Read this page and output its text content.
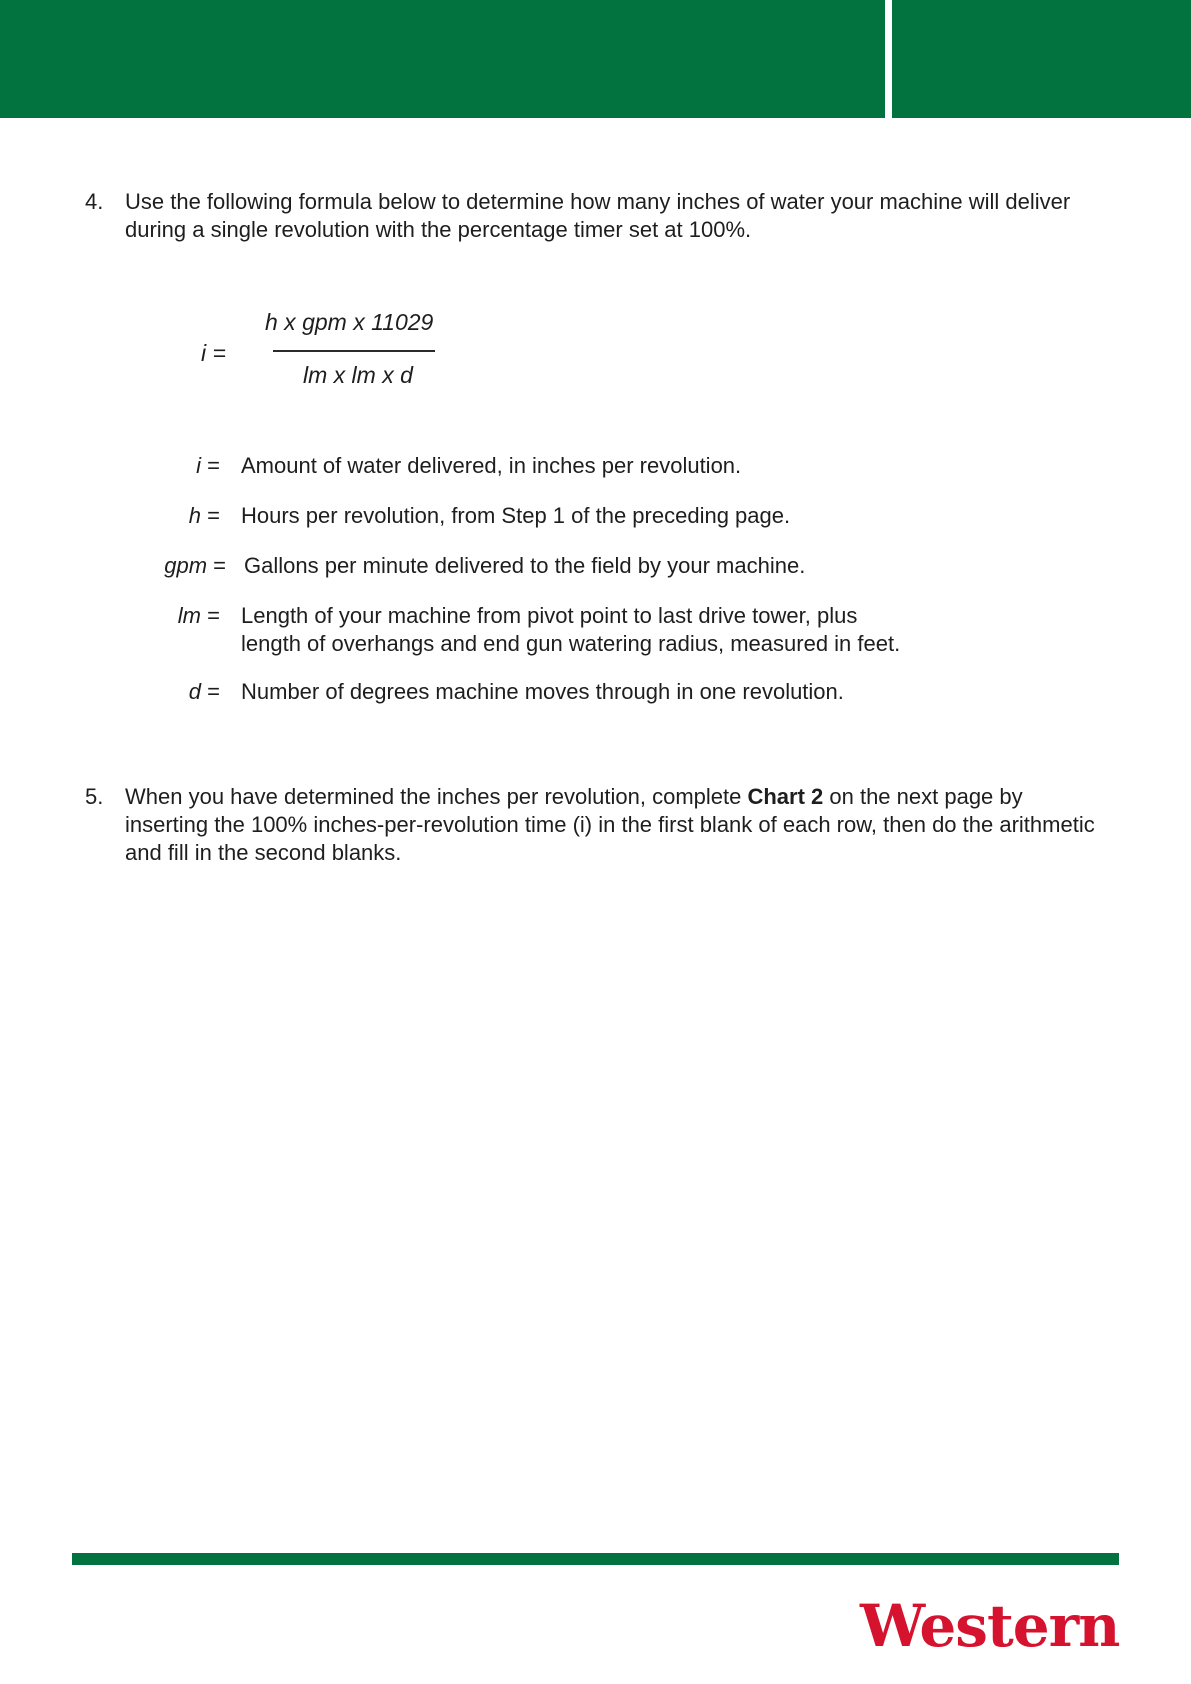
4. Use the following formula below to determine how many inches of water your machine will deliver during a single revolution with the percentage timer set at 100%.
i =
h x gpm x 11029
lm x lm x d
i = Amount of water delivered, in inches per revolution.
h = Hours per revolution, from Step 1 of the preceding page.
gpm = Gallons per minute delivered to the field by your machine.
lm = Length of your machine from pivot point to last drive tower, plus
length of overhangs and end gun watering radius, measured in feet.
d = Number of degrees machine moves through in one revolution.
5. When you have determined the inches per revolution, complete Chart 2 on the next page by inserting the 100% inches-per-revolution time (i) in the first blank of each row, then do the arithmetic and fill in the second blanks.
Western
